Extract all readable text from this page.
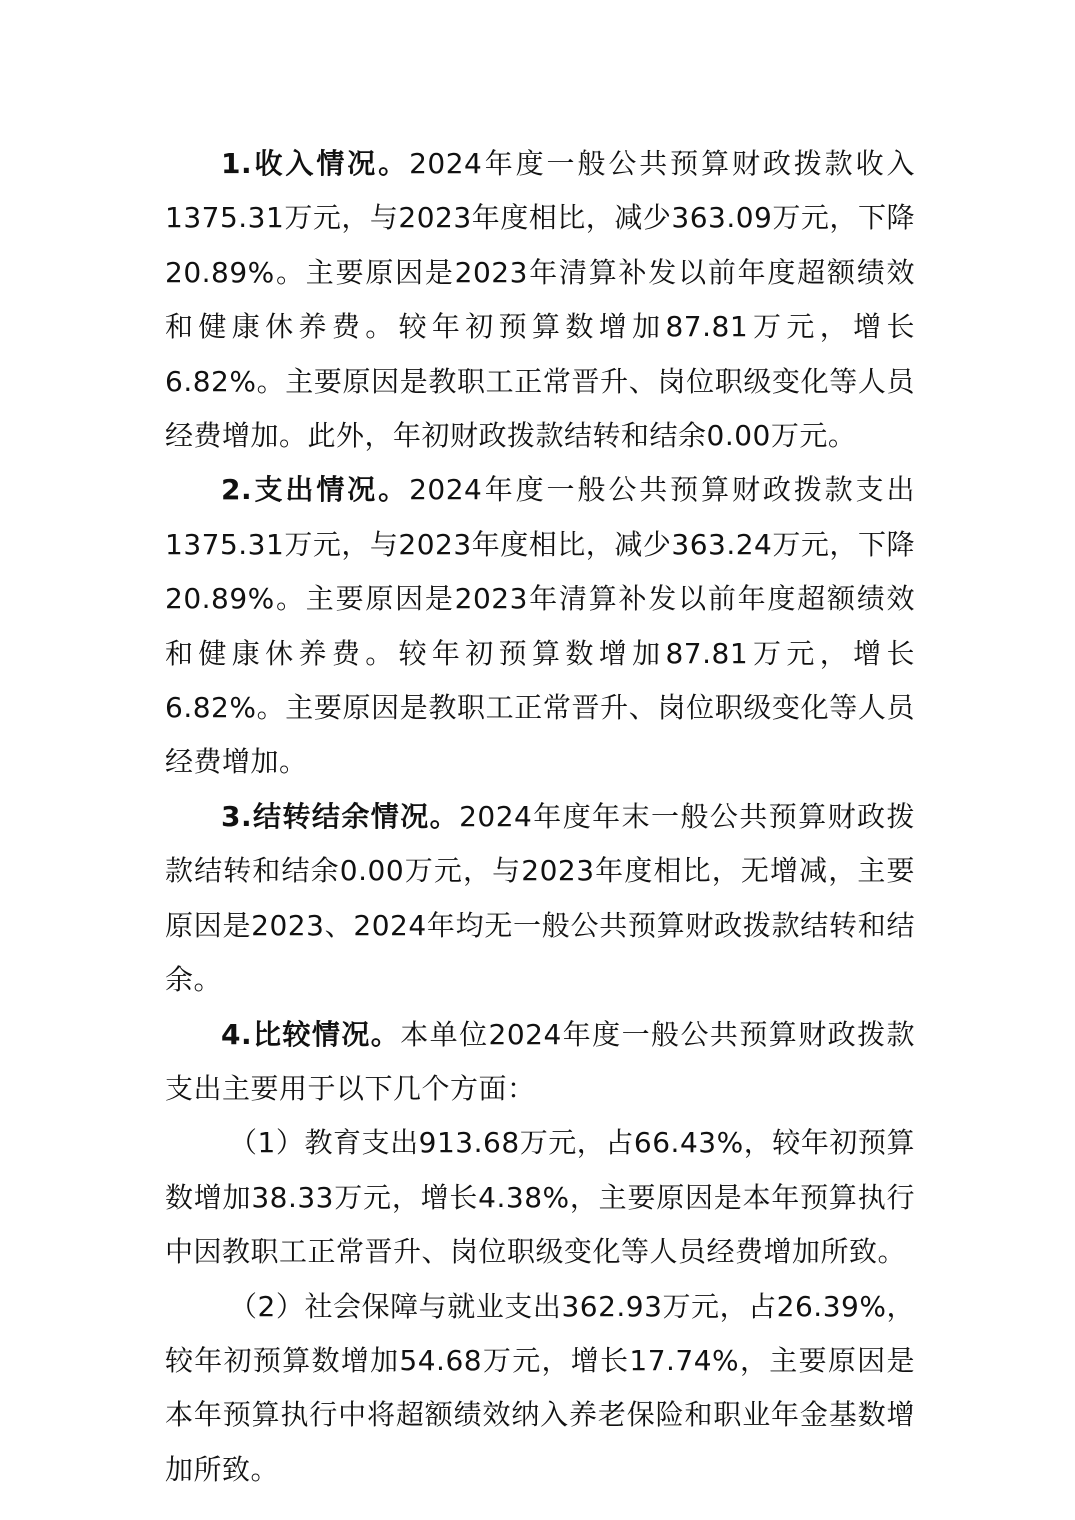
1.收入情况。2024年度一般公共预算财政拨款收入1375.31万元，与2023年度相比，减少363.09万元，下降20.89%。主要原因是2023年清算补发以前年度超额绩效和健康休养费。较年初预算数增加87.81万元，增长6.82%。主要原因是教职工正常晋升、岗位职级变化等人员经费增加。此外，年初财政拨款结转和结余0.00万元。

2.支出情况。2024年度一般公共预算财政拨款支出1375.31万元，与2023年度相比，减少363.24万元，下降20.89%。主要原因是2023年清算补发以前年度超额绩效和健康休养费。较年初预算数增加87.81万元，增长6.82%。主要原因是教职工正常晋升、岗位职级变化等人员经费增加。

3.结转结余情况。2024年度年末一般公共预算财政拨款结转和结余0.00万元，与2023年度相比，无增减，主要原因是2023、2024年均无一般公共预算财政拨款结转和结余。

4.比较情况。本单位2024年度一般公共预算财政拨款支出主要用于以下几个方面：

（1）教育支出913.68万元，占66.43%，较年初预算数增加38.33万元，增长4.38%，主要原因是本年预算执行中因教职工正常晋升、岗位职级变化等人员经费增加所致。

（2）社会保障与就业支出362.93万元，占26.39%，较年初预算数增加54.68万元，增长17.74%，主要原因是本年预算执行中将超额绩效纳入养老保险和职业年金基数增加所致。
